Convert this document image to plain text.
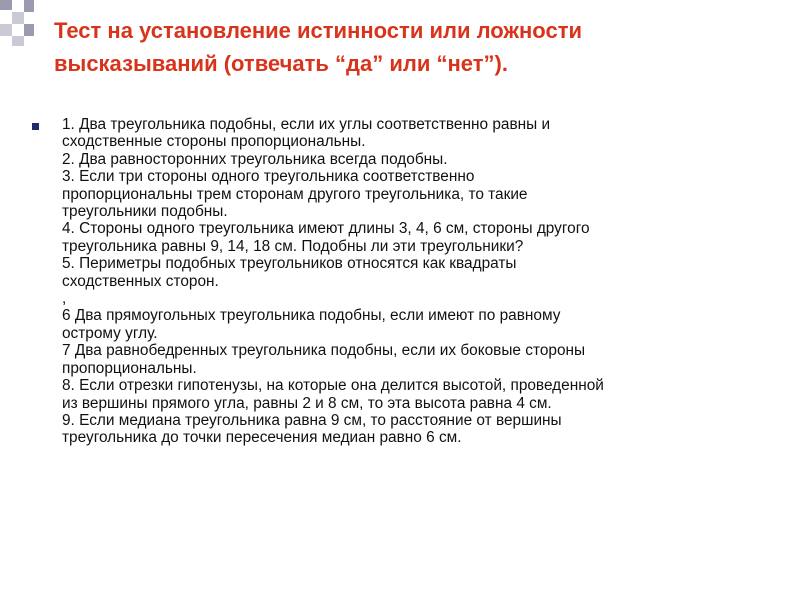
Тест на установление истинности или ложности
высказываний (отвечать “да” или “нет”).
1. Два треугольника подобны, если их углы соответственно равны и
сходственные стороны пропорциональны.
2. Два равносторонних треугольника всегда подобны.
3. Если три стороны одного треугольника соответственно
пропорциональны трем сторонам другого треугольника, то такие
треугольники подобны.
4. Стороны одного треугольника имеют длины 3, 4, 6 см, стороны другого
треугольника равны 9, 14, 18 см. Подобны ли эти треугольники?
5. Периметры подобных треугольников относятся как квадраты
сходственных сторон.
,
6 Два прямоугольных треугольника подобны, если имеют по равному
острому углу.
7 Два равнобедренных треугольника подобны, если их боковые стороны
пропорциональны.
8. Если отрезки гипотенузы, на которые она делится высотой, проведенной
из вершины прямого угла, равны 2 и 8 см, то эта высота равна 4 см.
9. Если медиана треугольника равна 9 см, то расстояние от вершины
треугольника до точки пересечения медиан равно 6 см.
